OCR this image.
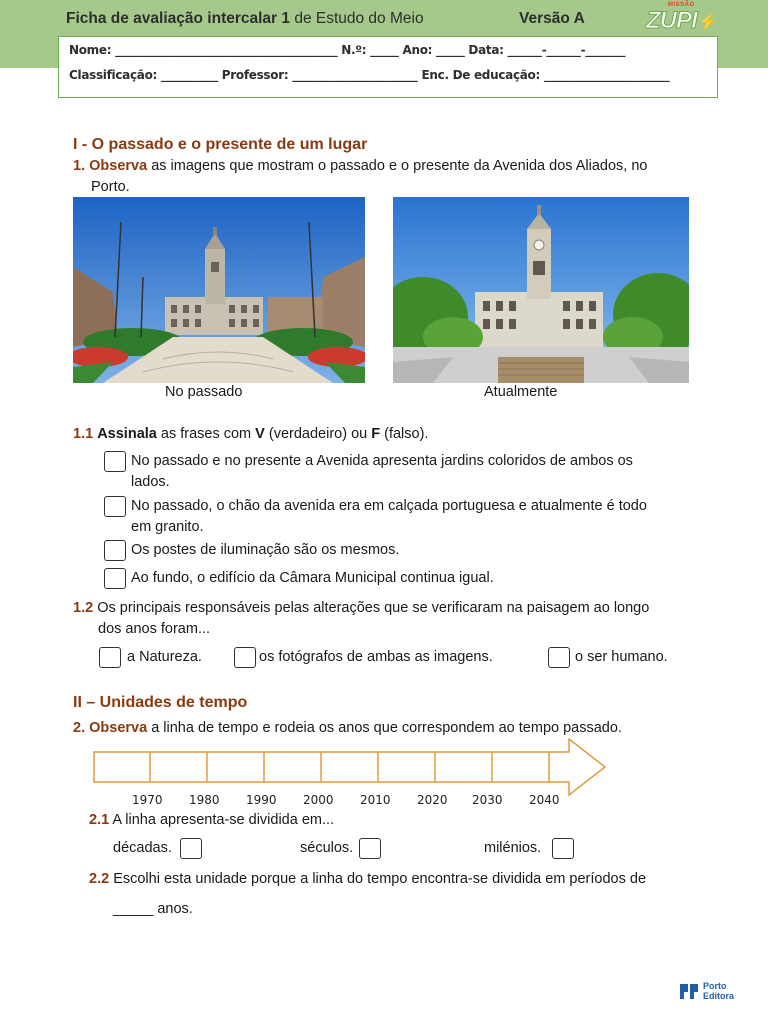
Ficha de avaliação intercalar 1 de Estudo do Meio	Versão A
MISSÃO
ZUPI ⚡
Nome: _______________________________________ N.º: _____ Ano: _____ Data: ______-______-_______
Classificação: __________ Professor: ______________________ Enc. De educação: ______________________
I - O passado e o presente de um lugar
1. Observa as imagens que mostram o passado e o presente da Avenida dos Aliados, no
Porto.
No passado	Atualmente
1.1 Assinala as frases com V (verdadeiro) ou F (falso).
No passado e no presente a Avenida apresenta jardins coloridos de ambos os
lados.
No passado, o chão da avenida era em calçada portuguesa e atualmente é todo
em granito.
Os postes de iluminação são os mesmos.
Ao fundo, o edifício da Câmara Municipal continua igual.
1.2 Os principais responsáveis pelas alterações que se verificaram na paisagem ao longo
dos anos foram...
a Natureza.	os fotógrafos de ambas as imagens.	o ser humano.
II – Unidades de tempo
2. Observa a linha de tempo e rodeia os anos que correspondem ao tempo passado.
1970 1980 1990 2000 2010 2020 2030 2040
2.1 A linha apresenta-se dividida em...
décadas.	séculos.	milénios.
2.2 Escolhi esta unidade porque a linha do tempo encontra-se dividida em períodos de
_____ anos.
Porto
Editora
